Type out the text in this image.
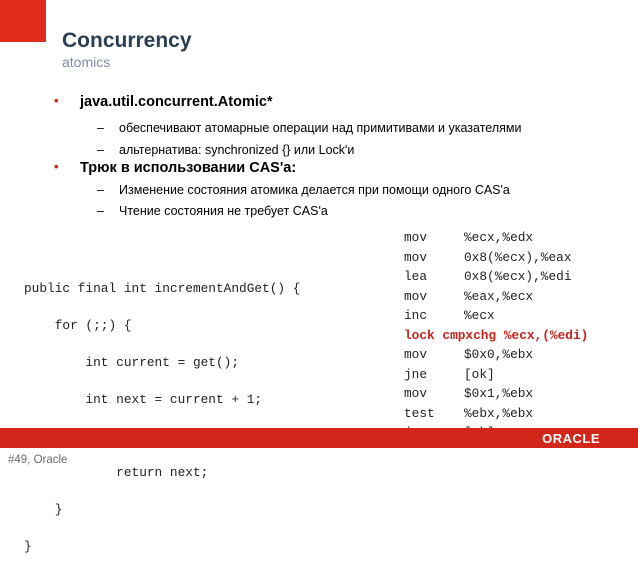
Concurrency
atomics
•	java.util.concurrent.Atomic*
–	обеспечивают атомарные операции над примитивами и указателями
–	альтернатива: synchronized {} или Lock'и
•	Трюк в использовании CAS'а:
–	Изменение состояния атомика делается при помощи одного CAS'а
–	Чтение состояния не требует CAS'а

public final int incrementAndGet() {

for (;;) {

int current = get();

int next = current + 1;

return next;

}

}

mov	%ecx,%edx
mov	0x8(%ecx),%eax
lea	0x8(%ecx),%edi
mov	%eax,%ecx
inc	%ecx
lock cmpxchg %ecx,(%edi)
mov	$0x0,%ebx
jne	[ok]
mov	$0x1,%ebx
test	%ebx,%ebx
ORACLE
#49, Oracle
